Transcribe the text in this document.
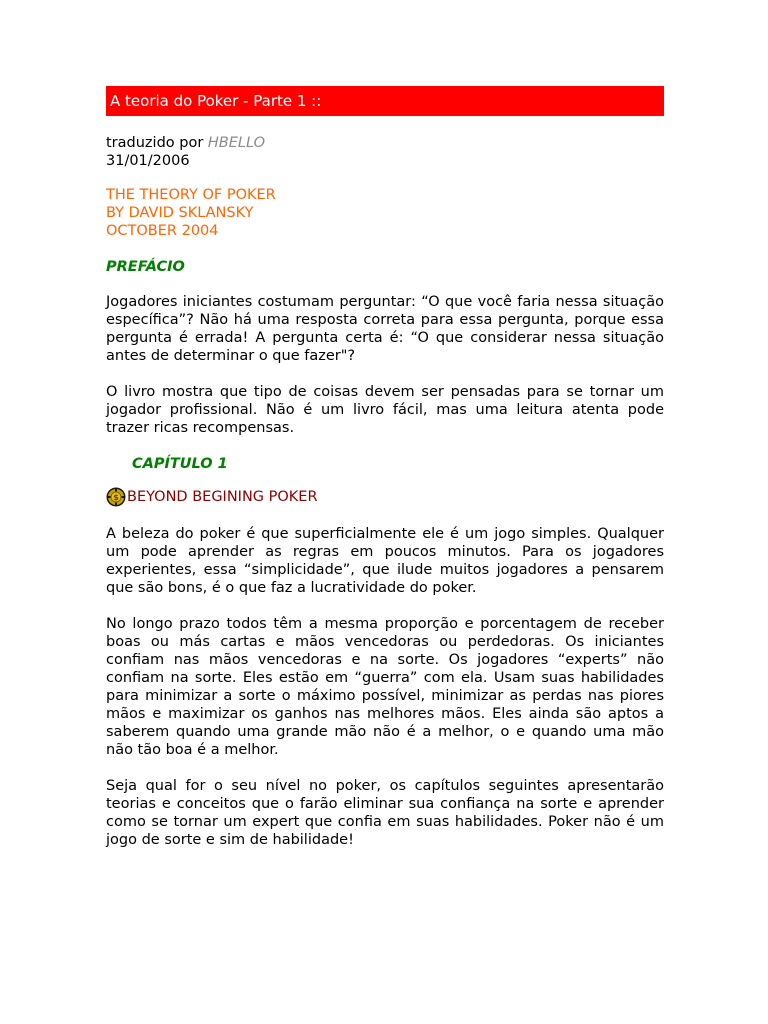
A teoria do Poker - Parte 1 ::
traduzido por HBELLO
31/01/2006
THE THEORY OF POKER
BY DAVID SKLANSKY
OCTOBER 2004
PREFÁCIO

Jogadores iniciantes costumam perguntar: “O que você faria nessa situação específica”? Não há uma resposta correta para essa pergunta, porque essa pergunta é errada! A pergunta certa é: “O que considerar nessa situação antes de determinar o que fazer"?

O livro mostra que tipo de coisas devem ser pensadas para se tornar um jogador profissional. Não é um livro fácil, mas uma leitura atenta pode trazer ricas recompensas.

CAPÍTULO 1
$ BEYOND BEGINING POKER

A beleza do poker é que superficialmente ele é um jogo simples. Qualquer um pode aprender as regras em poucos minutos. Para os jogadores experientes, essa “simplicidade”, que ilude muitos jogadores a pensarem que são bons, é o que faz a lucratividade do poker.

No longo prazo todos têm a mesma proporção e porcentagem de receber boas ou más cartas e mãos vencedoras ou perdedoras. Os iniciantes confiam nas mãos vencedoras e na sorte. Os jogadores “experts” não confiam na sorte. Eles estão em “guerra” com ela. Usam suas habilidades para minimizar a sorte o máximo possível, minimizar as perdas nas piores mãos e maximizar os ganhos nas melhores mãos. Eles ainda são aptos a saberem quando uma grande mão não é a melhor, o e quando uma mão não tão boa é a melhor.

Seja qual for o seu nível no poker, os capítulos seguintes apresentarão teorias e conceitos que o farão eliminar sua confiança na sorte e aprender como se tornar um expert que confia em suas habilidades. Poker não é um jogo de sorte e sim de habilidade!
